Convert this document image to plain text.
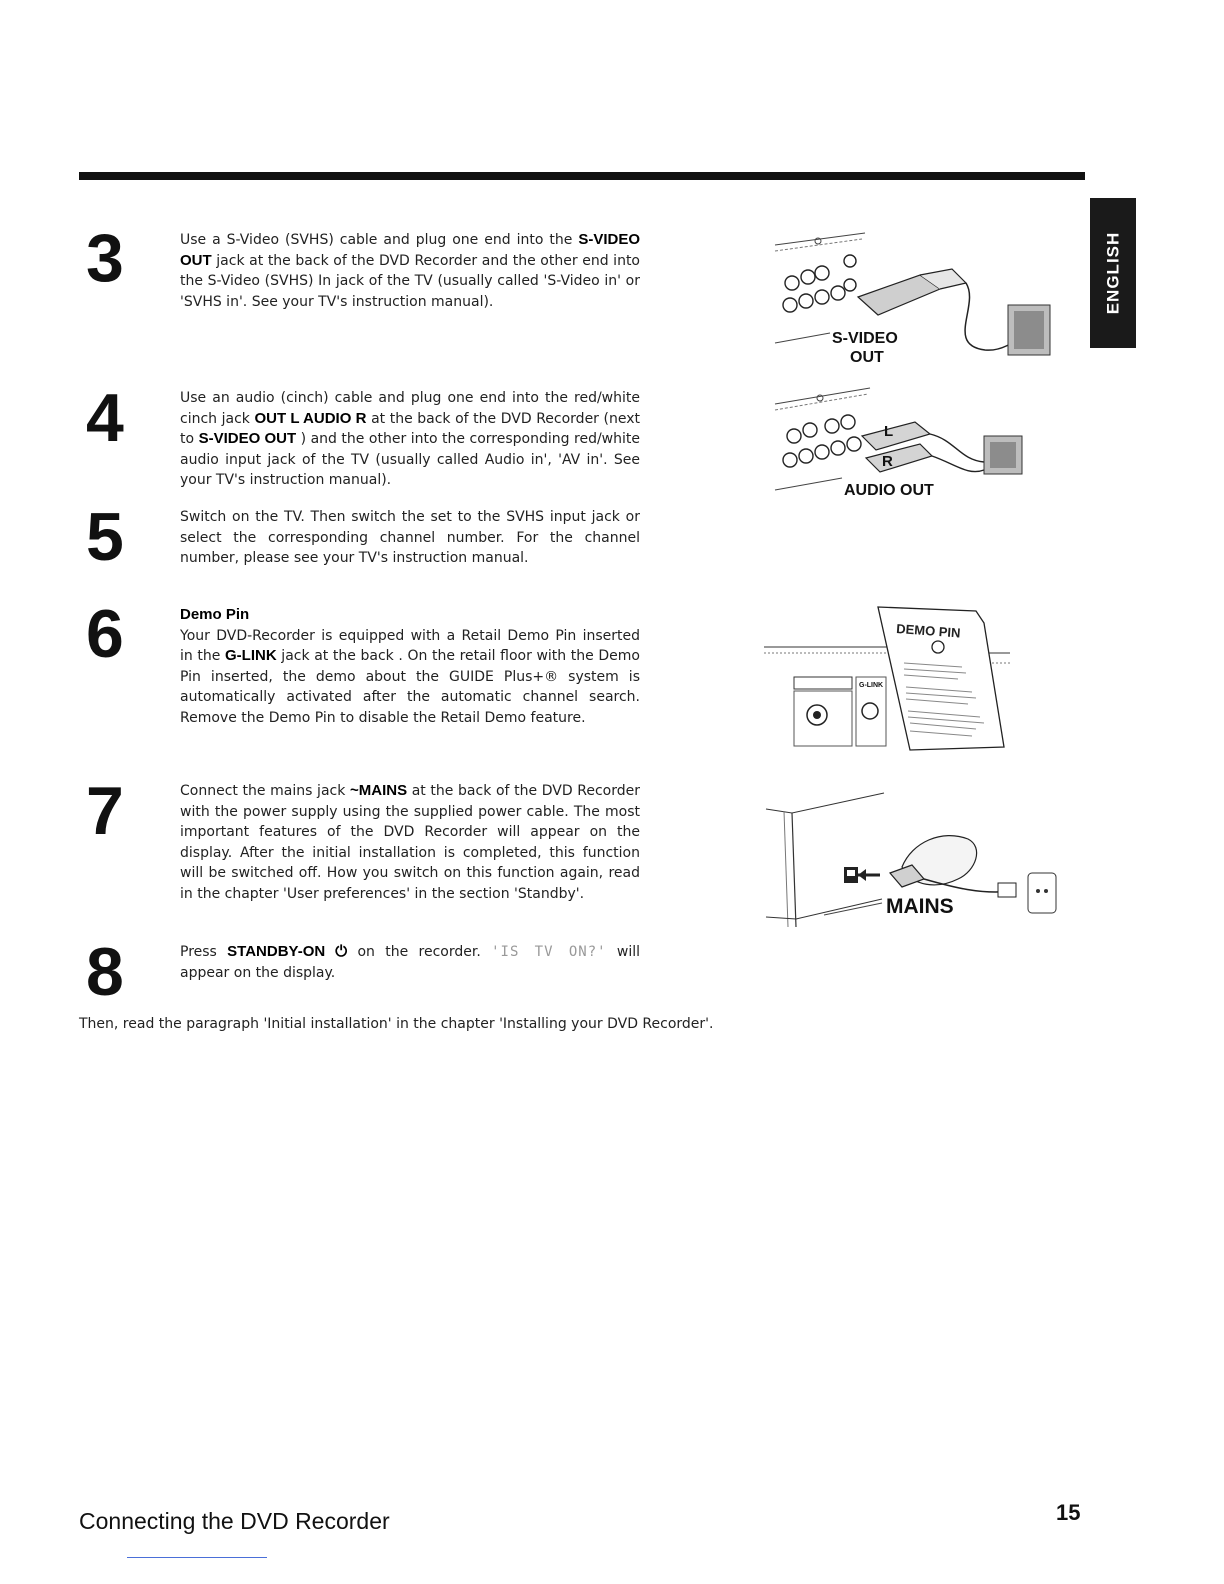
ENGLISH
3	Use a S-Video (SVHS) cable and plug one end into the S-VIDEO OUT jack at the back of the DVD Recorder and the other end into the S-Video (SVHS) In jack of the TV (usually called 'S-Video in' or 'SVHS in'. See your TV's instruction manual).
4	Use an audio (cinch) cable and plug one end into the red/white cinch jack OUT L AUDIO R at the back of the DVD Recorder (next to S-VIDEO OUT ) and the other into the corresponding red/white audio input jack of the TV (usually called Audio in', 'AV in'. See your TV's instruction manual).
5	Switch on the TV. Then switch the set to the SVHS input jack or select the corresponding channel number. For the channel number, please see your TV's instruction manual.
6	Demo Pin
Your DVD-Recorder is equipped with a Retail Demo Pin inserted in the G-LINK jack at the back . On the retail floor with the Demo Pin inserted, the demo about the GUIDE Plus+® system is automatically activated after the automatic channel search. Remove the Demo Pin to disable the Retail Demo feature.
7	Connect the mains jack ~MAINS at the back of the DVD Recorder with the power supply using the supplied power cable. The most important features of the DVD Recorder will appear on the display. After the initial installation is completed, this function will be switched off. How you switch on this function again, read in the chapter 'User preferences' in the section 'Standby'.
8	Press STANDBY-ON ⏻ on the recorder. 'IS TV ON?' will appear on the display.
Then, read the paragraph 'Initial installation' in the chapter 'Installing your DVD Recorder'.
S-VIDEO
OUT
L
R
AUDIO OUT
G-LINK
DEMO PIN
MAINS
Connecting the DVD Recorder	15
